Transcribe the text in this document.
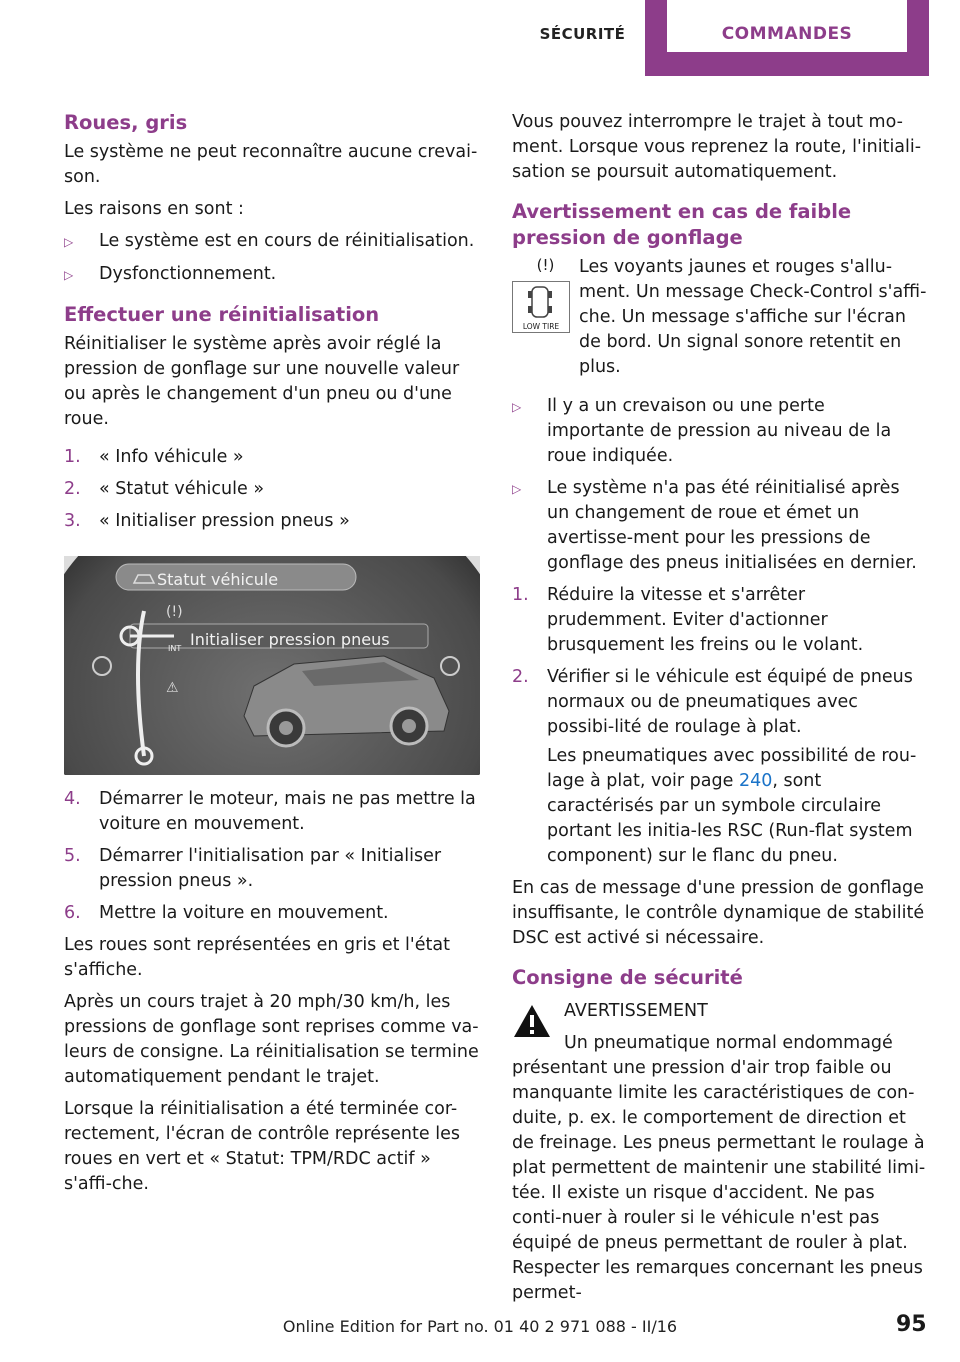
SÉCURITÉ	COMMANDES
Roues, gris

Le système ne peut reconnaître aucune crevai-son.

Les raisons en sont :

▷	Le système est en cours de réinitialisation.
▷	Dysfonctionnement.
Effectuer une réinitialisation

Réinitialiser le système après avoir réglé la pression de gonflage sur une nouvelle valeur ou après le changement d'un pneu ou d'une roue.

1.	« Info véhicule »
2.	« Statut véhicule »
3.	« Initialiser pression pneus »
(!)
⚠
Statut véhicule
INT Initialiser pression pneus
4.	Démarrer le moteur, mais ne pas mettre la voiture en mouvement.
5.	Démarrer l'initialisation par « Initialiser pression pneus ».
6.	Mettre la voiture en mouvement.

Les roues sont représentées en gris et l'état s'affiche.

Après un cours trajet à 20 mph/30 km/h, les pressions de gonflage sont reprises comme va-leurs de consigne. La réinitialisation se termine automatiquement pendant le trajet.

Lorsque la réinitialisation a été terminée cor-rectement, l'écran de contrôle représente les roues en vert et « Statut: TPM/RDC actif » s'affi-che.

Vous pouvez interrompre le trajet à tout mo-ment. Lorsque vous reprenez la route, l'initiali-sation se poursuit automatiquement.

Avertissement en cas de faible pression de gonflage
(!)
LOW TIRE

Les voyants jaunes et rouges s'allu-ment. Un message Check-Control s'affi-che. Un message s'affiche sur l'écran de bord. Un signal sonore retentit en plus.

▷	Il y a un crevaison ou une perte importante de pression au niveau de la roue indiquée.
▷	Le système n'a pas été réinitialisé après un changement de roue et émet un avertisse-ment pour les pressions de gonflage des pneus initialisées en dernier.
1.	Réduire la vitesse et s'arrêter prudemment. Eviter d'actionner brusquement les freins ou le volant.
2.	Vérifier si le véhicule est équipé de pneus normaux ou de pneumatiques avec possibi-lité de roulage à plat.

Les pneumatiques avec possibilité de rou-lage à plat, voir page 240, sont caractérisés par un symbole circulaire portant les initia-les RSC (Run-flat system component) sur le flanc du pneu.

En cas de message d'une pression de gonflage insuffisante, le contrôle dynamique de stabilité DSC est activé si nécessaire.

Consigne de sécurité
AVERTISSEMENT
Un pneumatique normal endommagé

présentant une pression d'air trop faible ou manquante limite les caractéristiques de con-duite, p. ex. le comportement de direction et de freinage. Les pneus permettant le roulage à plat permettent de maintenir une stabilité limi-tée. Il existe un risque d'accident. Ne pas conti-nuer à rouler si le véhicule n'est pas équipé de pneus permettant de rouler à plat. Respecter les remarques concernant les pneus permet-

Online Edition for Part no. 01 40 2 971 088 - II/16	95
